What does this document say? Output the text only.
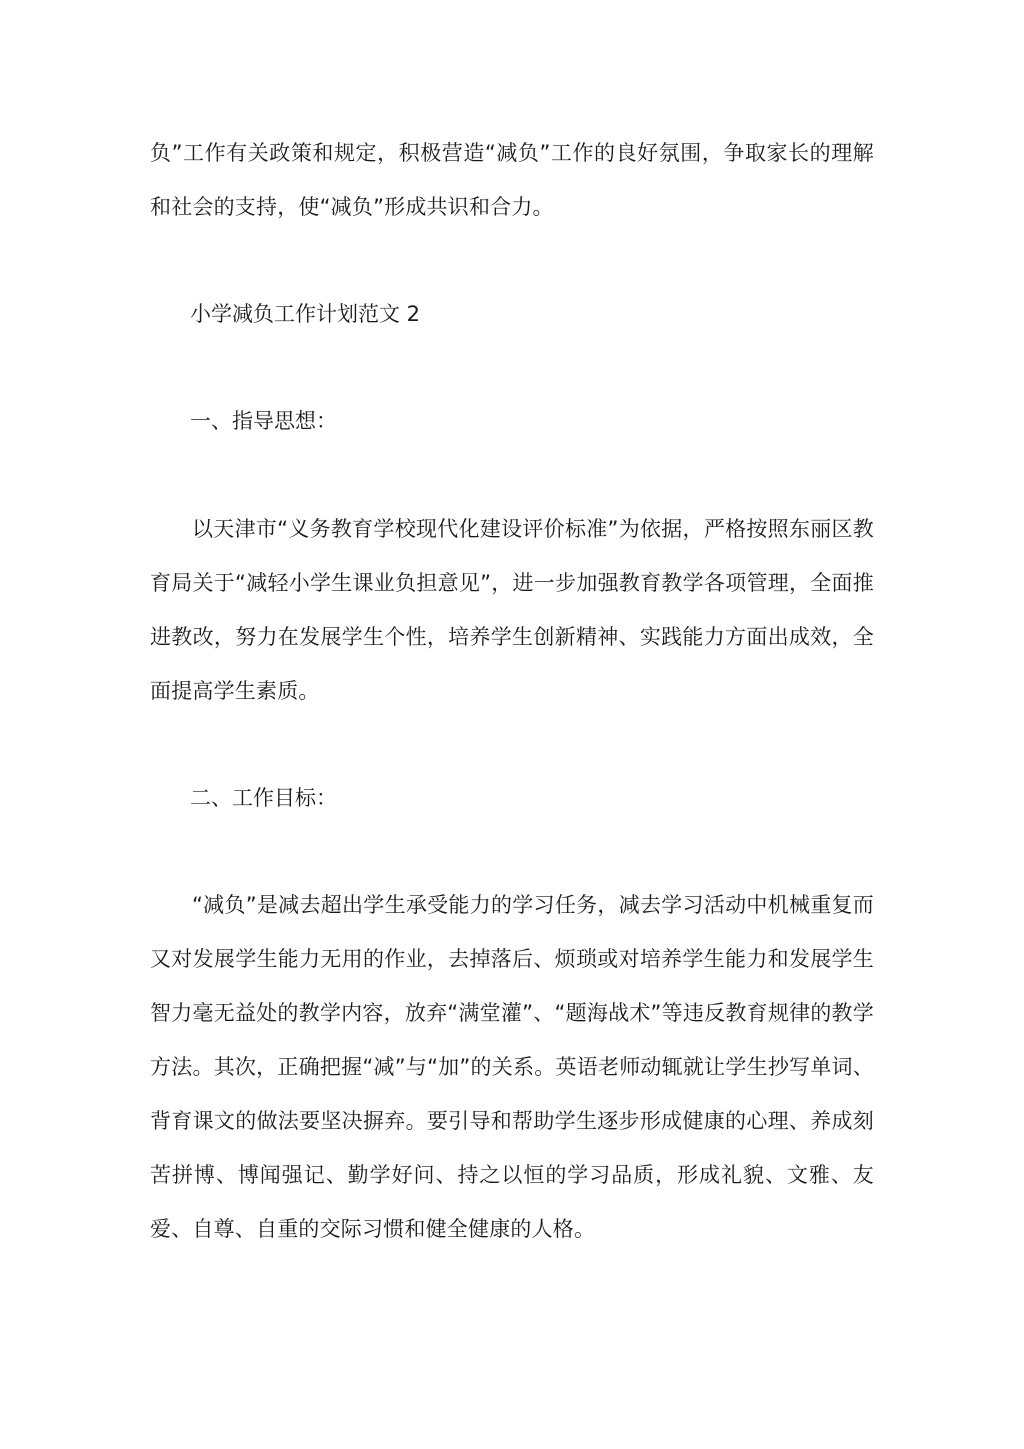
负”工作有关政策和规定，积极营造“减负”工作的良好氛围，争取家长的理解和社会的支持，使“减负”形成共识和合力。

小学减负工作计划范文 2

一、指导思想：

以天津市“义务教育学校现代化建设评价标准”为依据，严格按照东丽区教育局关于“减轻小学生课业负担意见”，进一步加强教育教学各项管理，全面推进教改，努力在发展学生个性，培养学生创新精神、实践能力方面出成效，全面提高学生素质。

二、工作目标：

“减负”是减去超出学生承受能力的学习任务，减去学习活动中机械重复而又对发展学生能力无用的作业，去掉落后、烦琐或对培养学生能力和发展学生智力毫无益处的教学内容，放弃“满堂灌”、“题海战术”等违反教育规律的教学方法。其次，正确把握“减”与“加”的关系。英语老师动辄就让学生抄写单词、背育课文的做法要坚决摒弃。要引导和帮助学生逐步形成健康的心理、养成刻苦拼博、博闻强记、勤学好问、持之以恒的学习品质，形成礼貌、文雅、友爱、自尊、自重的交际习惯和健全健康的人格。
